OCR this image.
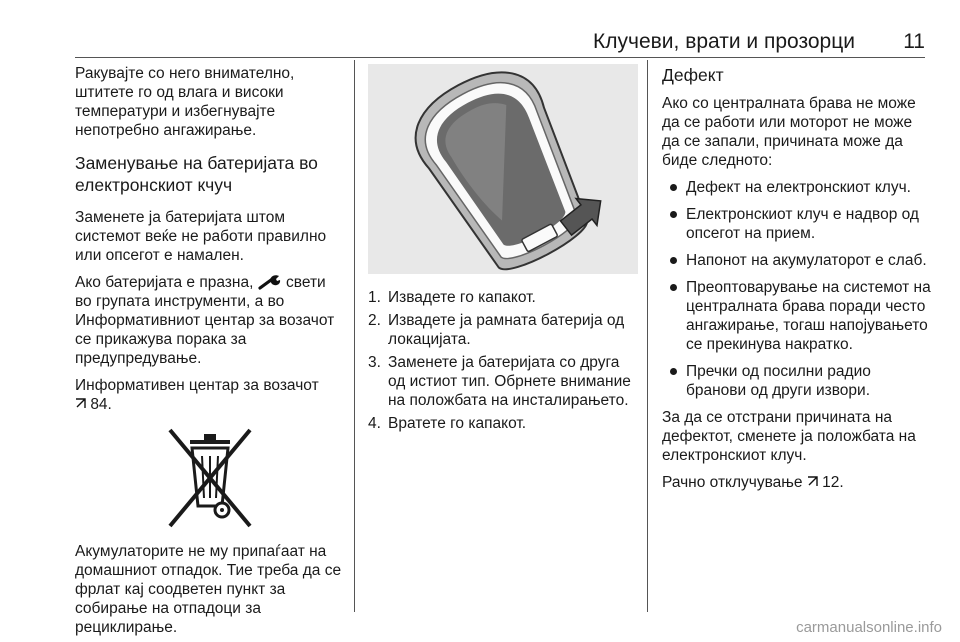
Клучеви, врати и прозорци 11

Ракувајте со него внимателно, штитете го од влага и високи температури и избегнувајте непотребно ангажирање.

Заменување на батеријата во електронскиот кчуч

Заменете ја батеријата штом системот веќе не работи правилно или опсегот е намален.

Ако батеријата е празна, свети во групата инструменти, а во Информативниот центар за возачот се прикажува порака за предупредување.

Информативен центар за возачот
84.

Акумулаторите не му припаѓаат на домашниот отпадок. Тие треба да се фрлат кај соодветен пункт за собирање на отпадоци за рециклирање.

1. Извадете го капакот.
2. Извадете ја рамната батерија од локацијата.
3. Заменете ја батеријата со друга од истиот тип. Обрнете внимание на положбата на инсталирањето.
4. Вратете го капакот.

Дефект

Ако со централната брава не може да се работи или моторот не може да се запали, причината може да биде следното:

Дефект на електронскиот клуч.
Електронскиот клуч е надвор од опсегот на прием.
Напонот на акумулаторот е слаб.
Преоптоварување на системот на централната брава поради често ангажирање, тогаш напојувањето се прекинува накратко.
Пречки од посилни радио бранови од други извори.

За да се отстрани причината на дефектот, сменете ја положбата на електронскиот клуч.

Рачно отклучување 12.

carmanualsonline.info
